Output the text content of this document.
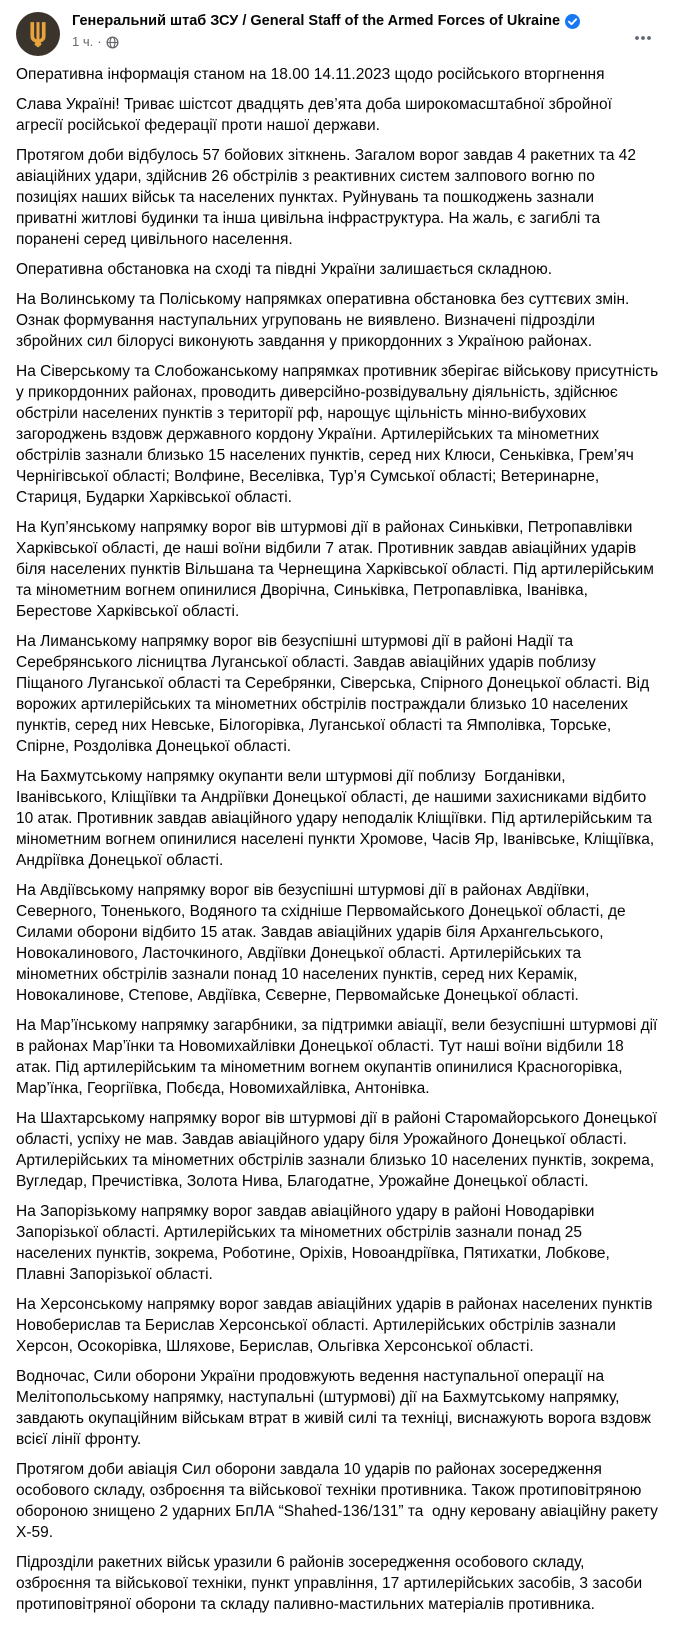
Генеральний штаб ЗСУ / General Staff of the Armed Forces of Ukraine
1 ч. ·

Оперативна інформація станом на 18.00 14.11.2023 щодо російського вторгнення

Слава Україні! Триває шістсот двадцять дев’ята доба широкомасштабної збройної агресії російської федерації проти нашої держави.

Протягом доби відбулось 57 бойових зіткнень. Загалом ворог завдав 4 ракетних та 42 авіаційних удари, здійснив 26 обстрілів з реактивних систем залпового вогню по позиціях наших військ та населених пунктах. Руйнувань та пошкоджень зазнали приватні житлові будинки та інша цивільна інфраструктура. На жаль, є загиблі та поранені серед цивільного населення.

Оперативна обстановка на сході та півдні України залишається складною.

На Волинському та Поліському напрямках оперативна обстановка без суттєвих змін. Ознак формування наступальних угруповань не виявлено. Визначені підрозділи збройних сил білорусі виконують завдання у прикордонних з Україною районах.

На Сіверському та Слобожанському напрямках противник зберігає військову присутність у прикордонних районах, проводить диверсійно-розвідувальну діяльність, здійснює обстріли населених пунктів з території рф, нарощує щільність мінно-вибухових загороджень вздовж державного кордону України. Артилерійських та мінометних обстрілів зазнали близько 15 населених пунктів, серед них Клюси, Сеньківка, Грем’яч Чернігівської області; Волфине, Веселівка, Тур’я Сумської області; Ветеринарне, Стариця, Бударки Харківської області.

На Куп’янському напрямку ворог вів штурмові дії в районах Синьківки, Петропавлівки Харківської області, де наші воїни відбили 7 атак. Противник завдав авіаційних ударів біля населених пунктів Вільшана та Чернещина Харківської області. Під артилерійським та мінометним вогнем опинилися Дворічна, Синьківка, Петропавлівка, Іванівка, Берестове Харківської області.

На Лиманському напрямку ворог вів безуспішні штурмові дії в районі Надії та Серебрянського лісництва Луганської області. Завдав авіаційних ударів поблизу Піщаного Луганської області та Серебрянки, Сіверська, Спірного Донецької області. Від ворожих артилерійських та мінометних обстрілів постраждали близько 10 населених пунктів, серед них Невське, Білогорівка, Луганської області та Ямполівка, Торське, Спірне, Роздолівка Донецької області.

На Бахмутському напрямку окупанти вели штурмові дії поблизу  Богданівки, Іванівського, Кліщіївки та Андріївки Донецької області, де нашими захисниками відбито 10 атак. Противник завдав авіаційного удару неподалік Кліщіївки. Під артилерійським та мінометним вогнем опинилися населені пункти Хромове, Часів Яр, Іванівське, Кліщіївка, Андріївка Донецької області.

На Авдіївському напрямку ворог вів безуспішні штурмові дії в районах Авдіївки, Северного, Тоненького, Водяного та східніше Первомайського Донецької області, де Силами оборони відбито 15 атак. Завдав авіаційних ударів біля Архангельського, Новокалинового, Ласточкиного, Авдіївки Донецької області. Артилерійських та мінометних обстрілів зазнали понад 10 населених пунктів, серед них Керамік, Новокалинове, Степове, Авдіївка, Сєверне, Первомайське Донецької області.

На Мар’їнському напрямку загарбники, за підтримки авіації, вели безуспішні штурмові дії в районах Мар’їнки та Новомихайлівки Донецької області. Тут наші воїни відбили 18 атак. Під артилерійським та мінометним вогнем окупантів опинилися Красногорівка, Мар’їнка, Георгіївка, Побєда, Новомихайлівка, Антонівка.

На Шахтарському напрямку ворог вів штурмові дії в районі Старомайорського Донецької області, успіху не мав. Завдав авіаційного удару біля Урожайного Донецької області. Артилерійських та мінометних обстрілів зазнали близько 10 населених пунктів, зокрема, Вугледар, Пречистівка, Золота Нива, Благодатне, Урожайне Донецької області.

На Запорізькому напрямку ворог завдав авіаційного удару в районі Новодарівки Запорізької області. Артилерійських та мінометних обстрілів зазнали понад 25 населених пунктів, зокрема, Роботине, Оріхів, Новоандріївка, Пятихатки, Лобкове, Плавні Запорізької області.

На Херсонському напрямку ворог завдав авіаційних ударів в районах населених пунктів Новоберислав та Берислав Херсонської області. Артилерійських обстрілів зазнали Херсон, Осокорівка, Шляхове, Берислав, Ольгівка Херсонської області.

Водночас, Сили оборони України продовжують ведення наступальної операції на Мелітопольському напрямку, наступальні (штурмові) дії на Бахмутському напрямку, завдають окупаційним військам втрат в живій силі та техніці, виснажують ворога вздовж всієї лінії фронту.

Протягом доби авіація Сил оборони завдала 10 ударів по районах зосередження особового складу, озброєння та військової техніки противника. Також протиповітряною обороною знищено 2 ударних БпЛА “Shahed-136/131” та  одну керовану авіаційну ракету Х-59.

Підрозділи ракетних військ уразили 6 районів зосередження особового складу, озброєння та військової техніки, пункт управління, 17 артилерійських засобів, 3 засоби протиповітряної оборони та складу паливно-мастильних матеріалів противника.
